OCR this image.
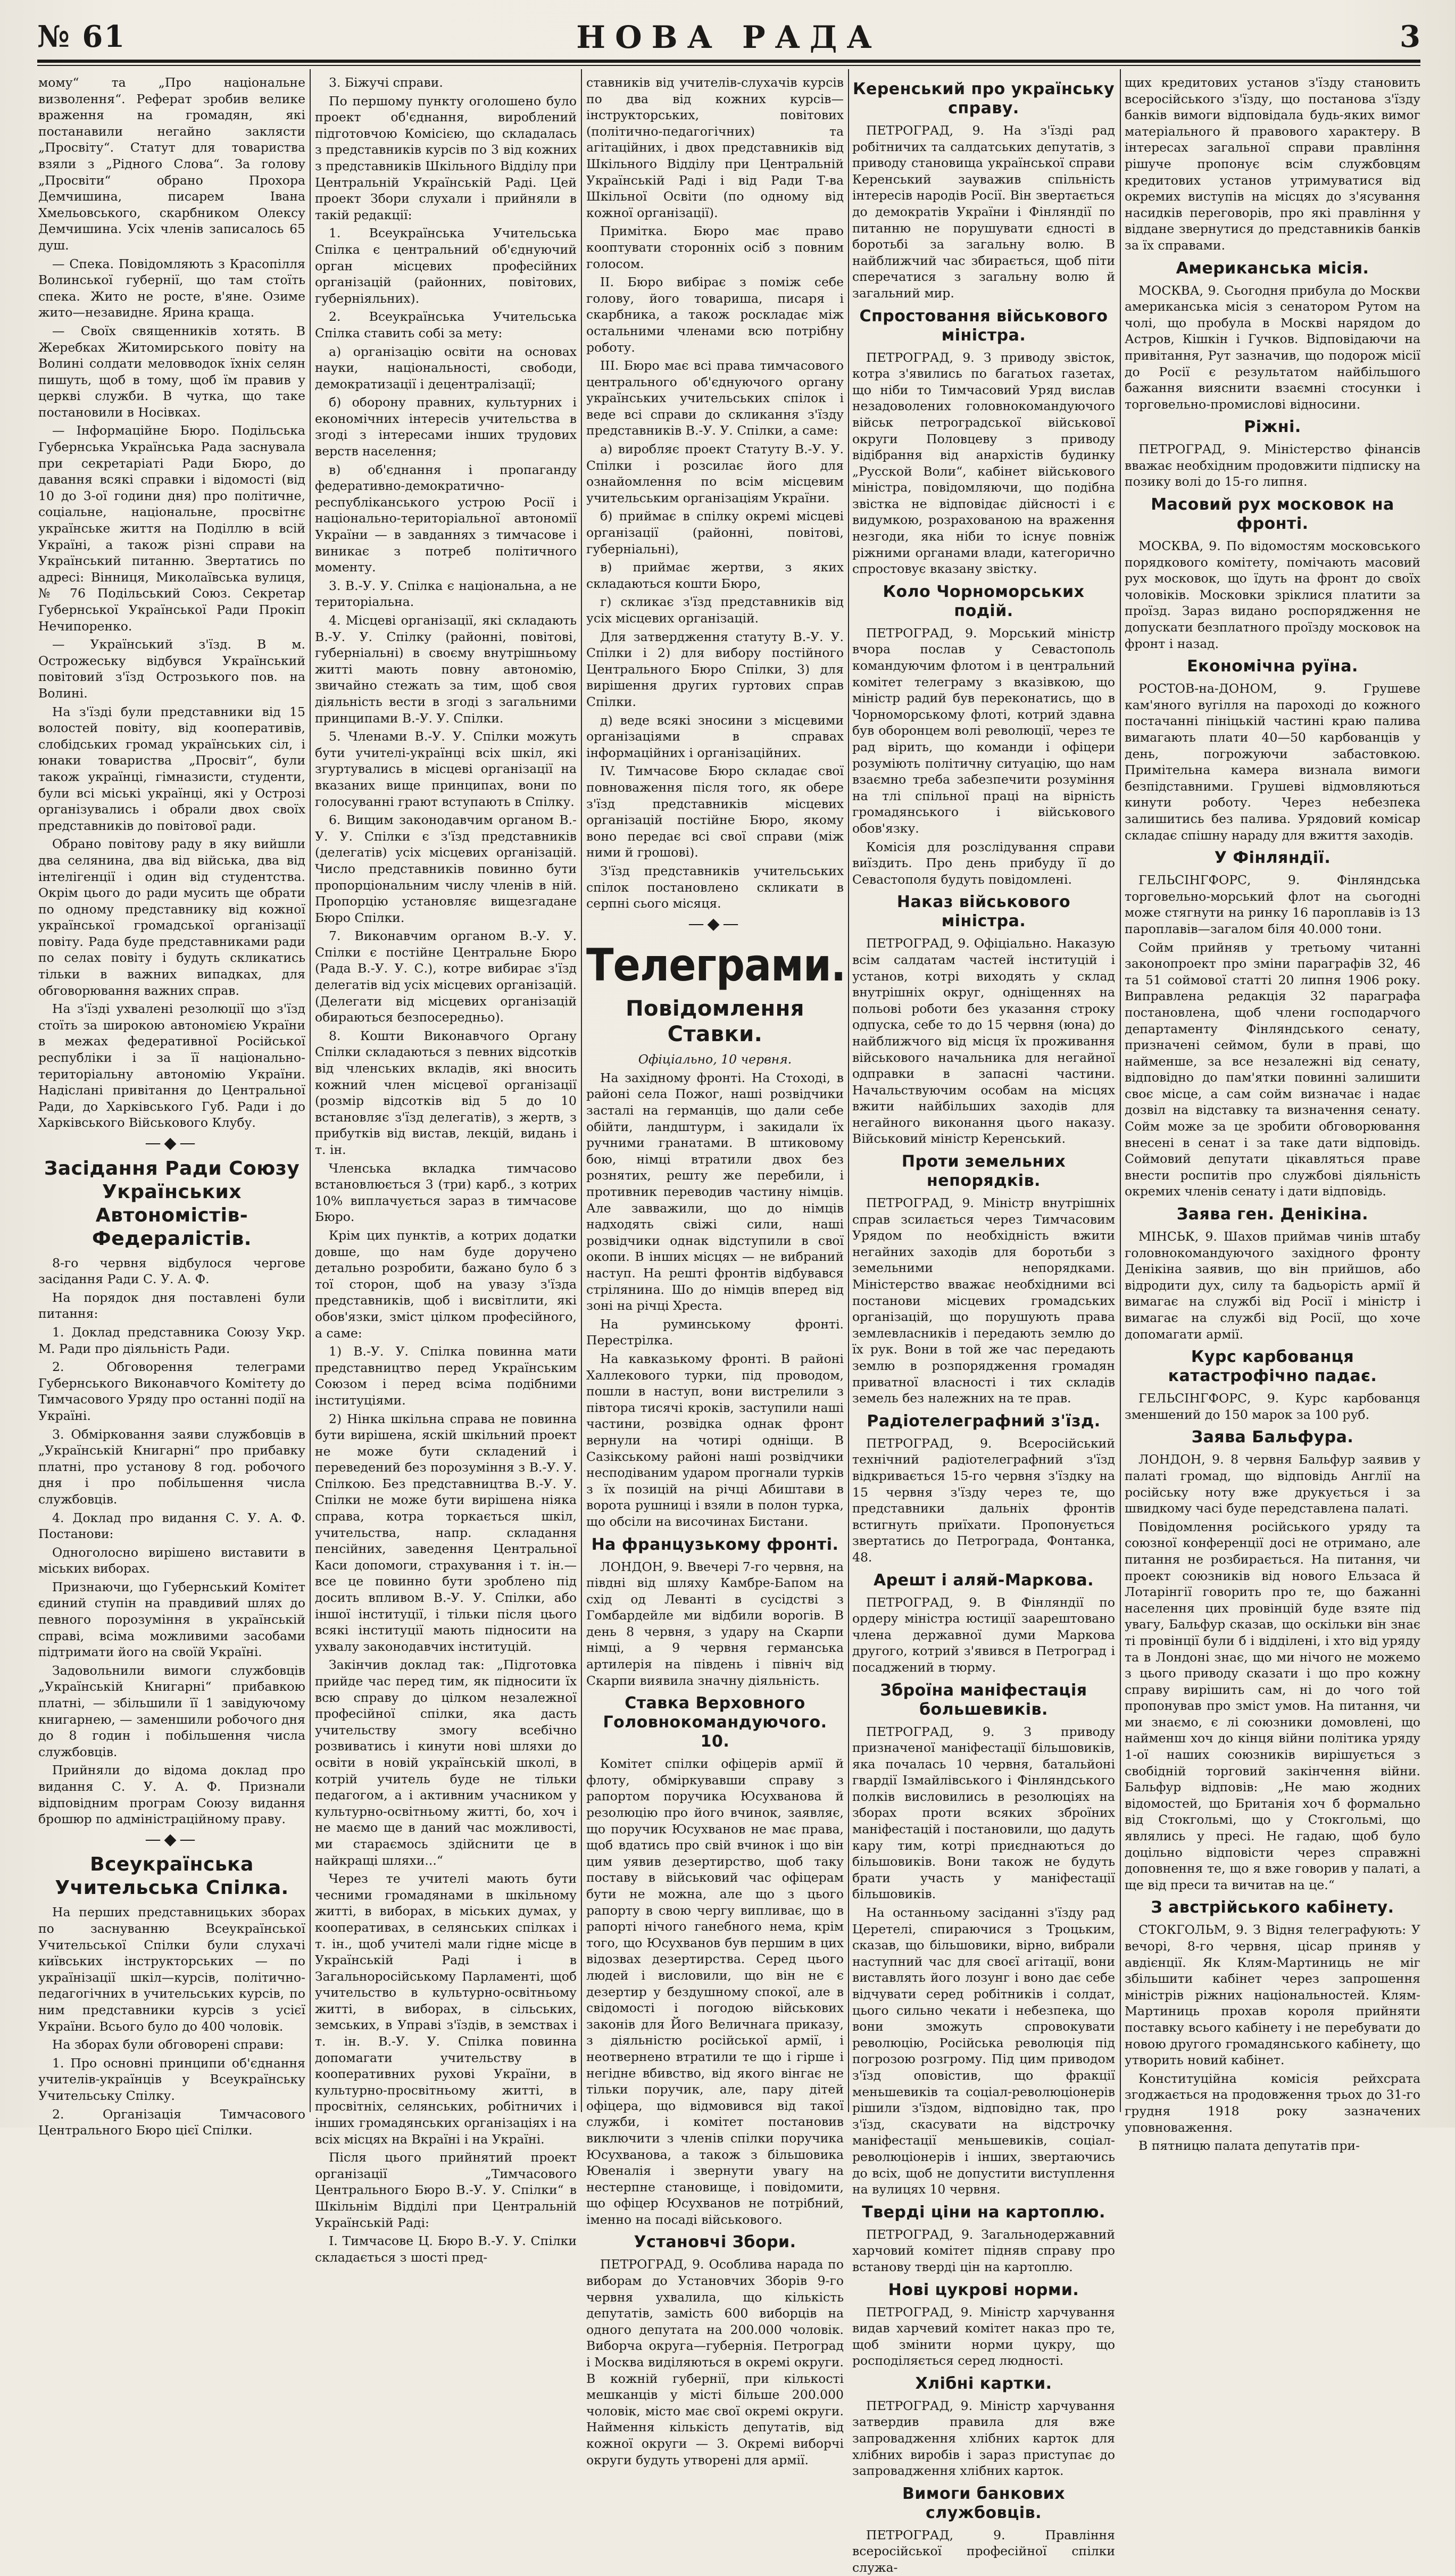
№ 61	НОВА РАДА	3

мому“ та „Про національне визволення“. Реферат зробив велике враження на громадян, які постанавили негайно заклясти „Просвіту“. Статут для товариства взяли з „Рідного Слова“. За голову „Просвіти“ обрано Прохора Демчишина, писарем Івана Хмельовського, скарбником Олексу Демчишина. Усіх членів записалось 65 душ.

— Спека. Повідомляють з Красопілля Волинської губернії, що там стоїть спека. Жито не росте, в'яне. Озиме жито—незавидне. Ярина краща.

— Своїх священників хотять. В Жеребках Житомирського повіту на Волині солдати меловводок їхніх селян пишуть, щоб в тому, щоб їм правив у церкві служби. В чутка, що таке постановили в Носівках.

— Інформаційне Бюро. Подільська Губернська Українська Рада заснувала при секретаріаті Ради Бюро, до давання всякі справки і відомості (від 10 до 3-ої години дня) про політичне, соціальне, національне, просвітнє українське життя на Поділлю в всій Україні, а також різні справи на Український питанню. Звертатись по адресі: Вінниця, Миколаївська вулиця, № 76 Подільський Союз. Секретар Губернської Української Ради Прокіп Нечипоренко.

— Український з'їзд. В м. Острожеську відбувся Український повітовий з'їзд Острозького пов. на Волині.

На з'їзді були представники від 15 волостей повіту, від кооперативів, слобідських громад українських сіл, і юнаки товариства „Просвіт“, були також українці, гімназисти, студенти, були всі міські українці, які у Острозі організувались і обрали двох своїх представників до повітової ради.

Обрано повітову раду в яку вийшли два селянина, два від війська, два від інтелігенції і один від студентства. Окрім цього до ради мусить ще обрати по одному представнику від кожної української громадської організації повіту. Рада буде представниками ради по селах повіту і будуть скликатись тільки в важних випадках, для обговорювання важних справ.

На з'їзді ухвалені резолюції що з'їзд стоїть за широкою автономією України в межах федеративної Російської республіки і за її національно-територіальну автономію України. Надіслані привітання до Центральної Ради, до Харківського Губ. Ради і до Харківського Військового Клубу.

—◆—
Засідання Ради Союзу Українських Автономістів-Федералістів.

8-го червня відбулося чергове засідання Ради С. У. А. Ф.

На порядок дня поставлені були питання:

1. Доклад представника Союзу Укр. М. Ради про діяльність Ради.

2. Обговорення телеграми Губернського Виконавчого Комітету до Тимчасового Уряду про останні події на Україні.

3. Обмірковання заяви службовців в „Українській Книгарні“ про прибавку платні, про установу 8 год. робочого дня і про побільшення числа службовців.

4. Доклад про видання С. У. А. Ф. Постанови:

Одноголосно вирішено виставити в міських виборах.

Признаючи, що Губернський Комітет єдиний ступін на правдивий шлях до певного порозуміння в українській справі, всіма можливими засобами підтримати його на своїй Україні.

Задовольнили вимоги службовців „Українській Книгарні“ прибавкою платні, — збільшили її 1 завідуючому книгарнею, — заменшили робочого дня до 8 годин і побільшення числа службовців.

Прийняли до відома доклад про видання С. У. А. Ф. Признали відповідним програм Союзу видання брошюр по адміністраційному праву.

—◆—
Всеукраїнська Учительська Спілка.

На перших представницьких зборах по заснуванню Всеукраїнської Учительської Спілки були слухачі київських інструкторських — по українізації шкіл—курсів, політично-педагогічних в учительських курсів, по ним представники курсів з усієї України. Всього було до 400 чоловік.

На зборах були обговорені справи:

1. Про основні принципи об'єднання учителів-українців у Всеукраїнську Учительську Спілку.

2. Організація Тимчасового Центрального Бюро цієї Спілки.

3. Біжучі справи.

По першому пункту оголошено було проект об'єднання, вироблений підготовчою Комісією, що складалась з представників курсів по 3 від кожних з представників Шкільного Відділу при Центральній Українській Раді. Цей проект Збори слухали і прийняли в такій редакції:

1. Всеукраїнська Учительська Спілка є центральний об'єднуючий орган місцевих професійних організацій (районних, повітових, губерніяльних).

2. Всеукраїнська Учительська Спілка ставить собі за мету:

а) організацію освіти на основах науки, національності, свободи, демократизації і децентралізації;

б) оборону правних, культурних і економічних інтересів учительства в згоді з інтересами інших трудових верств населення;

в) об'єднання і пропаганду федеративно-демократично-республіканського устрою Росії і національно-територіальної автономії України — в завданнях з тимчасове і виникає з потреб політичного моменту.

3. В.-У. У. Спілка є національна, а не територіальна.

4. Місцеві організації, які складають В.-У. У. Спілку (районні, повітові, губерніальні) в своєму внутрішньому житті мають повну автономію, звичайно стежать за тим, щоб своя діяльність вести в згоді з загальними принципами В.-У. У. Спілки.

5. Членами В.-У. У. Спілки можуть бути учителі-українці всіх шкіл, які згуртувались в місцеві організації на вказаних вище принципах, вони по голосуванні грают вступають в Спілку.

6. Вищим законодавчим органом В.-У. У. Спілки є з'їзд представників (делегатів) усіх місцевих організацій. Число представників повинно бути пропорціональним числу членів в ній. Пропорцію установляє вищезгадане Бюро Спілки.

7. Виконавчим органом В.-У. У. Спілки є постійне Центральне Бюро (Рада В.-У. У. С.), котре вибирає з'їзд делегатів від усіх місцевих організацій. (Делегати від місцевих організацій обираються безпосередньо).

8. Кошти Виконавчого Органу Спілки складаються з певних відсотків від членських вкладів, які вносить кожний член місцевої організації (розмір відсотків від 5 до 10 встановляє з'їзд делегатів), з жертв, з прибутків від вистав, лекцій, видань і т. ін.

Членська вкладка тимчасово встановлюється 3 (три) карб., з котрих 10% виплачується зараз в тимчасове Бюро.

Крім цих пунктів, а котрих додатки довше, що нам буде доручено детально розробити, бажано було б з тої сторон, щоб на увазу з'їзда представників, щоб і висвітлити, які обов'язки, зміст цілком професійного, а саме:

1) В.-У. У. Спілка повинна мати представництво перед Українським Союзом і перед всіма подібними інституціями.

2) Нінка шкільна справа не повинна бути вирішена, яскій шкільний проект не може бути складений і переведений без порозуміння з В.-У. У. Спілкою. Без представництва В.-У. У. Спілки не може бути вирішена ніяка справа, котра торкається шкіл, учительства, напр. складання пенсійних, заведення Центральної Каси допомоги, страхування і т. ін.— все це повинно бути зроблено під досить впливом В.-У. У. Спілки, або іншої інституції, і тільки після цього всякі інституції мають підносити на ухвалу законодавчих інституцій.

Закінчив доклад так: „Підготовка прийде час перед тим, як підносити їх всю справу до цілком незалежної професійної спілки, яка дасть учительству змогу всебічно розвиватись і кинути нові шляхи до освіти в новій українській школі, в котрій учитель буде не тільки педагогом, а і активним учасником у культурно-освітньому житті, бо, хоч і не маємо ще в даний час можливості, ми стараємось здійснити це в найкращі шляхи...“

Через те учителі мають бути чесними громадянами в шкільному житті, в виборах, в міських думах, у кооперативах, в селянських спілках і т. ін., щоб учителі мали гідне місце в Українській Раді і в Загальноросійському Парламенті, щоб учительство в культурно-освітньому житті, в виборах, в сільських, земських, в Управі з'їздів, в земствах і т. ін. В.-У. У. Спілка повинна допомагати учительству в кооперативних рухові України, в культурно-просвітньому житті, в просвітніх, селянських, робітничих і інших громадянських організаціях і на всіх місцях на Вкраїні і на Україні.

Після цього прийнятий проект організації „Тимчасового Центрального Бюро В.-У. У. Спілки“ в Шкільнім Відділі при Центральній Українській Раді:

І. Тимчасове Ц. Бюро В.-У. У. Спілки складається з шості пред-

ставників від учителів-слухачів курсів по два від кожних курсів—інструкторських, повітових (політично-педагогічних) та агітаційних, і двох представників від Шкільного Відділу при Центральній Українській Раді і від Ради Т-ва Шкільної Освіти (по одному від кожної організації).

Примітка. Бюро має право кооптувати сторонніх осіб з повним голосом.

II. Бюро вибірає з поміж себе голову, його товариша, писаря і скарбника, а також роскладає між остальними членами всю потрібну роботу.

III. Бюро має всі права тимчасового центрального об'єднуючого органу українських учительських спілок і веде всі справи до скликання з'їзду представників В.-У. У. Спілки, а саме:

а) виробляє проект Статуту В.-У. У. Спілки і розсилає його для ознайомлення по всім місцевим учительським організаціям України.

б) приймає в спілку окремі місцеві організації (районні, повітові, губерніальні),

в) приймає жертви, з яких складаються кошти Бюро,

г) скликає з'їзд представників від усіх місцевих організацій.

Для затвердження статуту В.-У. У. Спілки і 2) для вибору постійного Центрального Бюро Спілки, 3) для вирішення других гуртових справ Спілки.

д) веде всякі зносини з місцевими організаціями в справах інформаційних і організаційних.

IV. Тимчасове Бюро складає свої повноваження після того, як обере з'їзд представників місцевих організацій постійне Бюро, якому воно передає всі свої справи (між ними й грошові).

З'їзд представників учительських спілок постановлено скликати в серпні сього місяця.

—◆—
Телеграми.
Повідомлення Ставки.
Офіціально, 10 червня.

На західному фронті. На Стоході, в районі села Пожог, наші розвідчики засталі на германців, що дали себе обійти, ландштурм, і закидали їх ручними гранатами. В штиковому бою, німці втратили двох без рознятих, решту же перебили, і противник переводив частину німців. Але завважили, що до німців надходять свіжі сили, наші розвідчики однак відступили в свої окопи. В інших місцях — не вибраний наступ. На решті фронтів відбувався стрілянина. Шо до німців вперед від зоні на річці Хреста.

На руминському фронті. Перестрілка.

На кавказькому фронті. В районі Халлекового турки, під проводом, пошли в наступ, вони вистрелили з півтора тисячі кроків, заступили наші частини, розвідка однак фронт вернули на чотирі одніщи. В Сазікському районі наші розвідчики несподіваним ударом прогнали турків з їх позицій на річці Абиштави в ворота рушниці і взяли в полон турка, що обсіли на височинах Бистани.

На французькому фронті.

ЛОНДОН, 9. Ввечері 7-го червня, на півдні від шляху Камбре-Бапом на схід од Леванті в сусідстві з Гомбардейле ми відбили ворогів. В день 8 червня, з удару на Скарпи німці, а 9 червня германська артилерія на південь і північ від Скарпи виявила значну діяльність.

Ставка Верховного Головнокомандуючого. 10.

Комітет спілки офіцерів армії й флоту, обміркувавши справу з рапортом поручика Юсухванова й резолюцію про його вчинок, заявляє, що поручик Юсухванов не має права, щоб вдатись про свій вчинок і що він цим уявив дезертирство, щоб таку поставу в військовий час офіцерам бути не можна, але що з цього рапорту в свою чергу випливає, що в рапорті нічого ганебного нема, крім того, що Юсухванов був першим в цих відозвах дезертирства. Серед цього людей і висловили, що він не є дезертир у бездушному спокої, але в свідомості і погодою військових законів для Його Величнага приказу, з діяльністю російської армії, і неотвернено втратили те що і гірше і негідне вбивство, від якого вінгає не тільки поручик, але, пару дітей офіцера, що відмовився від такої служби, і комітет постановив виключити з членів спілки поручика Юсухванова, а також з більшовика Ювеналія і звернути увагу на нестерпне становище, і повідомити, що офіцер Юсухванов не потрібний, іменно на посаді військового.

Установчі Збори.

ПЕТРОГРАД, 9. Особлива нарада по виборам до Установчих Зборів 9-го червня ухвалила, що кількість депутатів, замість 600 виборців на одного депутата на 200.000 чоловік. Виборча округа—губернія. Петроград і Москва виділяються в окремі округи. В кожній губернії, при кількості мешканців у місті більше 200.000 чоловік, місто має свої окремі округи. Наймення кількість депутатів, від кожної округи — 3. Окремі виборчі округи будуть утворені для армії.

Керенський про українську справу.

ПЕТРОГРАД, 9. На з'їзді рад робітничих та салдатських депутатів, з приводу становища української справи Керенський зауважив спільність інтересів народів Росії. Він звертається до демократів України і Фінляндії по питанню не порушувати єдності в боротьбі за загальну волю. В найближчий час збирається, щоб піти сперечатися з загальну волю й загальний мир.

Спростовання військового міністра.

ПЕТРОГРАД, 9. З приводу звісток, котра з'явились по багатьох газетах, що ніби то Тимчасовий Уряд вислав незадоволених головнокомандуючого військ петроградської військової округи Половцеву з приводу відібрання від анархістів будинку „Русской Воли“, кабінет військового міністра, повідомляючи, що подібна звістка не відповідає дійсності і є видумкою, розрахованою на враження незгоди, яка ніби то існує повніж ріжними органами влади, категорично спростовує вказану звістку.

Коло Чорноморських подій.

ПЕТРОГРАД, 9. Морський міністр вчора послав у Севастополь командуючим флотом і в центральний комітет телеграму з вказівкою, що міністр радий був переконатись, що в Чорноморському флоті, котрий здавна був оборонцем волі революції, через те рад вірить, що команди і офіцери розуміють політичну ситуацію, що нам взаємно треба забезпечити розуміння на тлі спільної праці на вірність громадянського і військового обов'язку.

Комісія для розслідування справи виїздить. Про день прибуду її до Севастополя будуть повідомлені.

Наказ військового міністра.

ПЕТРОГРАД, 9. Офіціально. Наказую всім салдатам частей інституцій і установ, котрі виходять у склад внутрішніх округ, одніщеннях на польові роботи без указання строку одпуска, себе то до 15 червня (юна) до найближчого від місця їх проживання військового начальника для негайної одправки в запасні частини. Начальствуючим особам на місцях вжити найбільших заходів для негайного виконання цього наказу. Військовий міністр Керенський.

Проти земельних непорядків.

ПЕТРОГРАД, 9. Міністр внутрішніх справ зсилається через Тимчасовим Урядом по необхідність вжити негайних заходів для боротьби з земельними непорядками. Міністерство вважає необхідними всі постанови місцевих громадських організацій, що порушують права землевласників і передають землю до їх рук. Вони в той же час передають землю в розпорядження громадян приватної власності і тих складів земель без належних на те прав.

Радіотелеграфний з'їзд.

ПЕТРОГРАД, 9. Всеросійський технічний радіотелеграфний з'їзд відкривається 15-го червня з'їздку на 15 червня з'їзду через те, що представники дальніх фронтів встигнуть приїхати. Пропонується звертатись до Петрограда, Фонтанка, 48.

Арешт і аляй-Маркова.

ПЕТРОГРАД, 9. В Фінляндії по ордеру міністра юстиції заарештовано члена державної думи Маркова другого, котрий з'явився в Петроград і посаджений в тюрму.

Зброїна маніфестація большевиків.

ПЕТРОГРАД, 9. З приводу призначеної маніфестації більшовиків, яка почалась 10 червня, батальйоні гвардії Ізмайлівського і Фінляндського полків висловились в резолюціях на зборах проти всяких зброїних маніфестацій і постановили, що дадуть кару тим, котрі приєднаються до більшовиків. Вони також не будуть брати участь у маніфестації більшовиків.

На останньому засіданні з'їзду рад Церетелі, спираючися з Троцьким, сказав, що більшовики, вірно, вибрали наступний час для своєї агітації, вони виставлять його лозунг і воно дає себе відчувати серед робітників і солдат, цього сильно чекати і небезпека, що вони зможуть спровокувати революцію, Російська революція під погрозою розгрому. Під цим приводом з'їзд оповістив, що фракції меньшевиків та соціал-революціонерів рішили з'їздом, відповідно так, про з'їзд, скасувати на відстрочку маніфестації меньшевиків, соціал-революціонерів і інших, звертаючись до всіх, щоб не допустити виступлення на вулицях 10 червня.

Тверді ціни на картоплю.

ПЕТРОГРАД, 9. Загальнодержавний харчовий комітет підняв справу про встанову тверді цін на картоплю.

Нові цукрові норми.

ПЕТРОГРАД, 9. Міністр харчування видав харчевий комітет наказ про те, щоб змінити норми цукру, що росподіляється серед людності.

Хлібні картки.

ПЕТРОГРАД, 9. Міністр харчування затвердив правила для вже запровадження хлібних карток для хлібних виробів і зараз приступає до запровадження хлібних карток.

Вимоги банкових службовців.

ПЕТРОГРАД, 9. Правління всеросійської професійної спілки служа-

щих кредитових установ з'їзду становить всеросійського з'їзду, що постанова з'їзду банків вимоги відповідала будь-яких вимог матеріального й правового характеру. В інтересах загальної справи правління рішуче пропонує всім службовцям кредитових установ утримуватися від окремих виступів на місцях до з'ясування насидків переговорів, про які правління у віддане звернутися до представників банків за їх справами.

Американська місія.

МОСКВА, 9. Сьогодня прибула до Москви американська місія з сенатором Рутом на чолі, що пробула в Москві нарядом до Астров, Кішкін і Гучков. Відповідаючи на привітання, Рут зазначив, що подорож місії до Росії є результатом найбільшого бажання вияснити взаємні стосунки і торговельно-промислові відносини.

Ріжні.

ПЕТРОГРАД, 9. Міністерство фінансів вважає необхідним продовжити підписку на позику волі до 15-го липня.

Масовий рух московок на фронті.

МОСКВА, 9. По відомостям московського порядкового комітету, помічають масовий рух московок, що їдуть на фронт до своїх чоловіків. Московки зріклися платити за проїзд. Зараз видано роспорядження не допускати безплатного проїзду московок на фронт і назад.

Економічна руїна.

РОСТОВ-на-ДОНОМ, 9. Грушеве кам'яного вугілля на пароході до кожного постачанні пініцькій частині краю палива вимагають плати 40—50 карбованців у день, погрожуючи забастовкою. Примітельна камера визнала вимоги безпідставними. Грушеві відмовляються кинути роботу. Через небезпека залишитись без палива. Урядовий комісар складає спішну нараду для вжиття заходів.

У Фінляндії.

ГЕЛЬСІНГФОРС, 9. Фінляндська торговельно-морський флот на сьогодні може стягнути на ринку 16 пароплавів із 13 пароплавів—загалом біля 40.000 тони.

Сойм прийняв у третьому читанні законопроект про зміни параграфів 32, 46 та 51 соймової статті 20 липня 1906 року. Виправлена редакція 32 параграфа постановлена, щоб члени господарчого департаменту Фінляндського сенату, призначені сеймом, були в праві, що найменше, за все незалежні від сенату, відповідно до пам'ятки повинні залишити своє місце, а сам сойм визначає і надає дозвіл на відставку та визначення сенату. Сойм може за це зробити обговорювання внесені в сенат і за таке дати відповідь. Соймовий депутати цікавляться праве внести роспитів про службові діяльність окремих членів сенату і дати відповідь.

Заява ген. Денікіна.

МІНСЬК, 9. Шахов приймав чинів штабу головнокомандуючого західного фронту Денікіна заявив, що він прийшов, або відродити дух, силу та бадьорість армії й вимагає на службі від Росії і міністр і вимагає на службі від Росії, що хоче допомагати армії.

Курс карбованця катастрофічно падає.

ГЕЛЬСІНГФОРС, 9. Курс карбованця зменшений до 150 марок за 100 руб.

Заява Бальфура.

ЛОНДОН, 9. 8 червня Бальфур заявив у палаті громад, що відповідь Англії на російську ноту вже друкується і за швидкому часі буде передставлена палаті.

Повідомлення російського уряду та союзної конференції досі не отримано, але питання не розбирається. На питання, чи проект союзників від нового Ельзаса й Лотарінгії говорить про те, що бажанні населення цих провінцій буде взяте під увагу, Бальфур сказав, що оскільки він знає ті провінції були б і відділені, і хто від уряду та в Лондоні знає, що ми нічого не можемо з цього приводу сказати і що про кожну справу вирішить сам, ні до чого той пропонував про зміст умов. На питання, чи ми знаємо, є лі союзники домовлені, що найменш хоч до кінця війни політика уряду 1-ої наших союзників вирішується з свобідній торговий закінчення війни. Бальфур відповів: „Не маю жодних відомостей, що Британія хоч б формально від Стокгольмі, що у Стокгольмі, що являлись у пресі. Не гадаю, щоб було доцільно відповісти через справжні доповнення те, що я вже говорив у палаті, а ще від преси та вичитав на це.“

З австрійського кабінету.

СТОКГОЛЬМ, 9. З Відня телеграфують: У вечорі, 8-го червня, цісар приняв у авдієнції. Як Клям-Мартиниць не міг збільшити кабінет через запрошення міністрів ріжних національностей. Клям-Мартиниць прохав короля прийняти поставку всього кабінету і не перебувати до новою другого громадянського кабінету, що утворить новий кабінет.

Конституційна комісія рейхсрата згоджається на продовження трьох до 31-го грудня 1918 року зазначених уповноваження.

В пятницю палата депутатів при-
